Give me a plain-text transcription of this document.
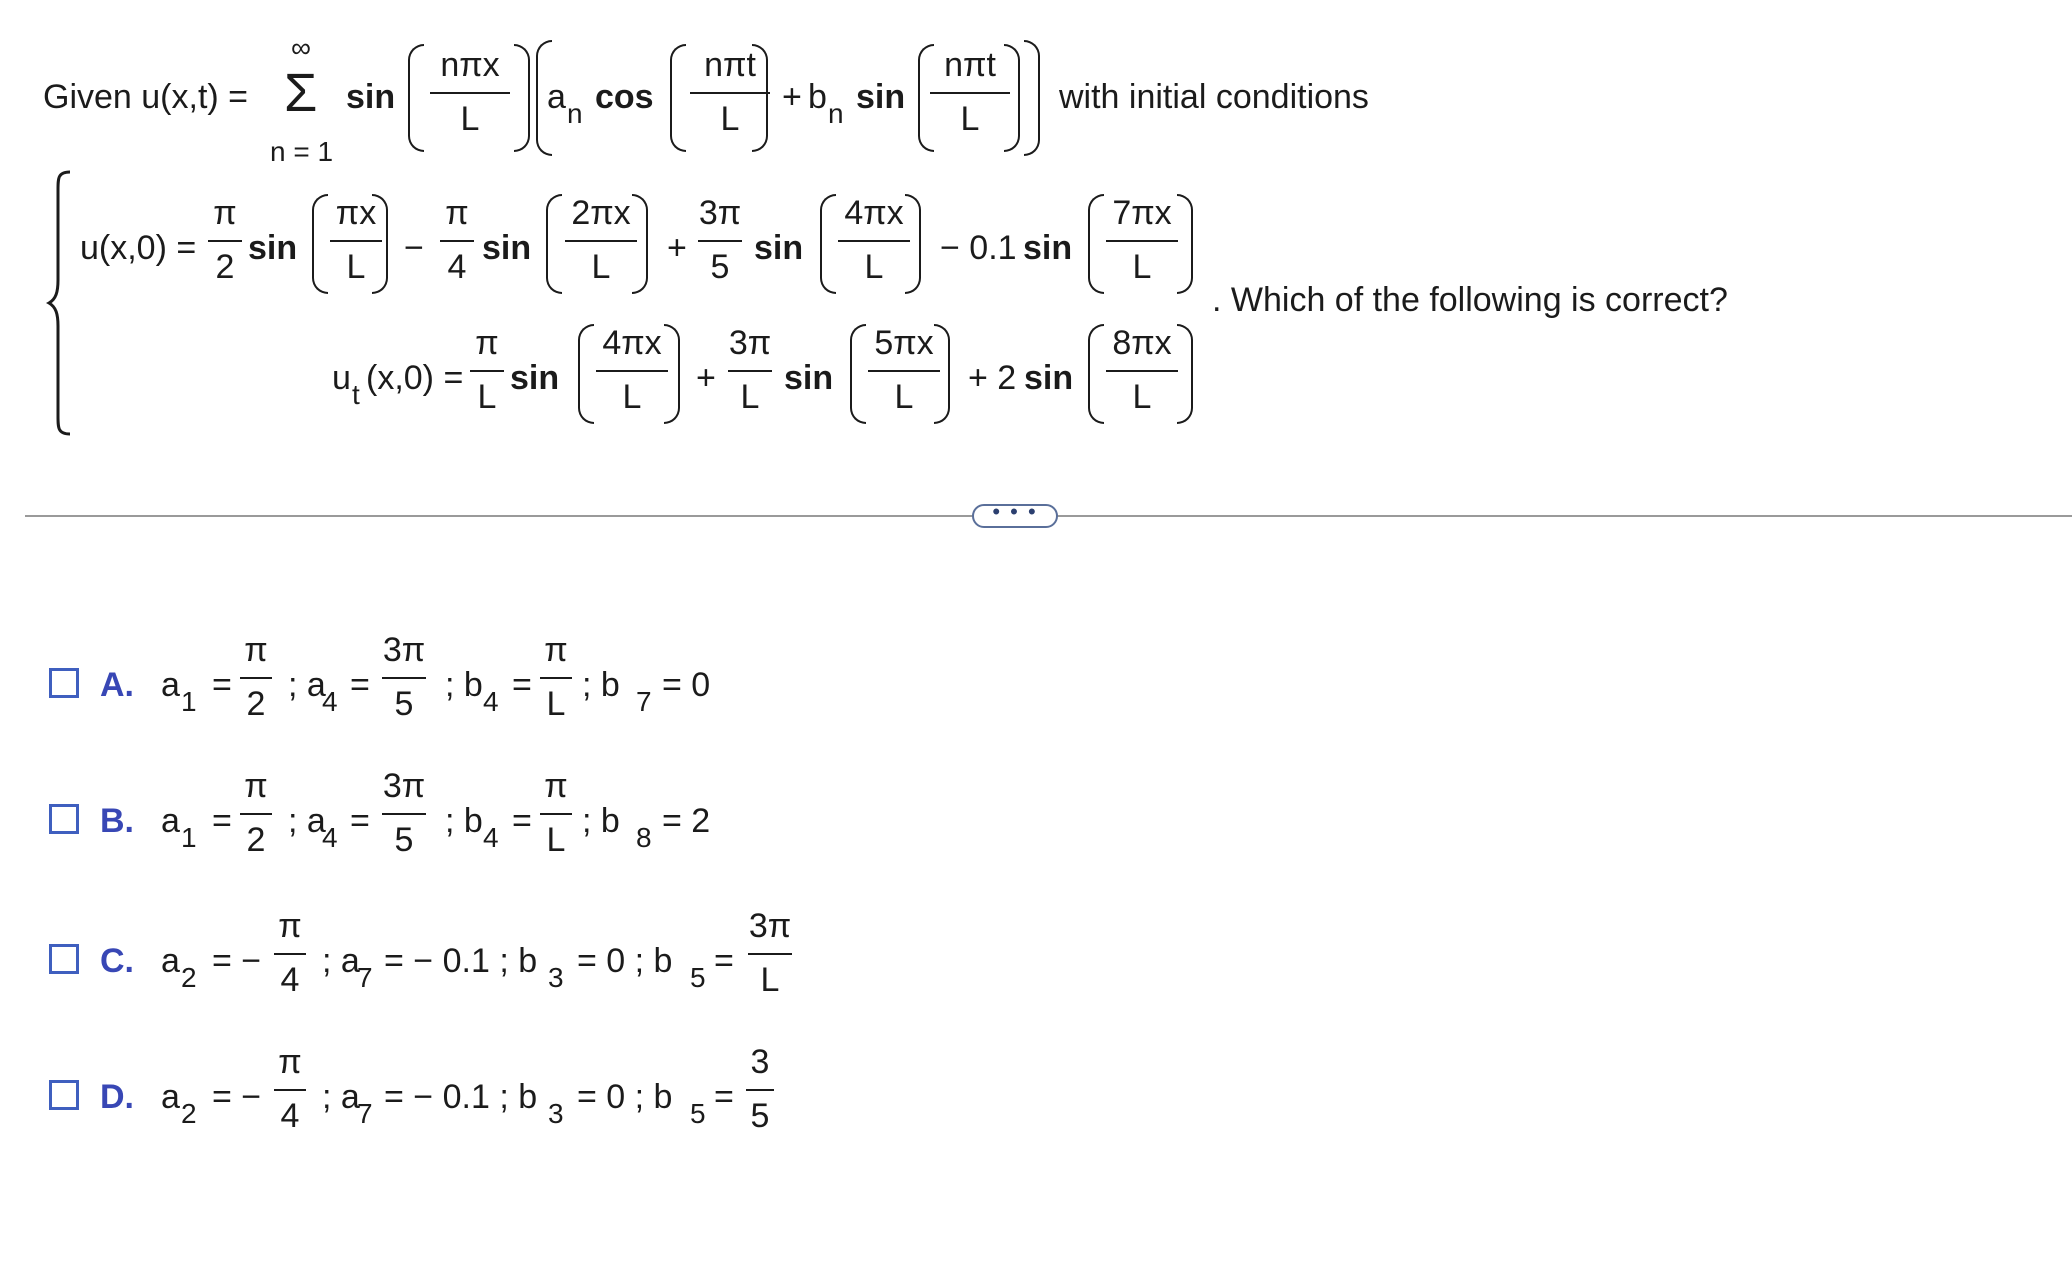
Given u(x,t) =
∞
Σ
n = 1
sin
nπx
L
a n cos
nπt
L
+ b n sin
nπt
L
with initial conditions
u(x,0) =
π
2 sin
πx
L	−
π
4 sin
2πx
L	+
3π
5 sin
4πx
L	− 0.1 sin
7πx
L
. Which of the following is correct?
u t (x,0) =
π
L sin
4πx
L	+
3π
L sin
5πx
L	+ 2 sin
8πx
L
• • •
A. a 1 =
π
2 ; a
4 =
3π
5 ; b 4 =
π
L ; b 7 = 0
B. a 1 =
π
2 ; a
4 =
3π
5 ; b 4 =
π
L ; b 8 = 2
C. a 2 = −
π
4 ; a
7 = − 0.1 ; b 3 = 0 ; b 5 =
3π
L
D. a 2 = −
π
4 ; a
7 = − 0.1 ; b 3 = 0 ; b 5 =
3
5
